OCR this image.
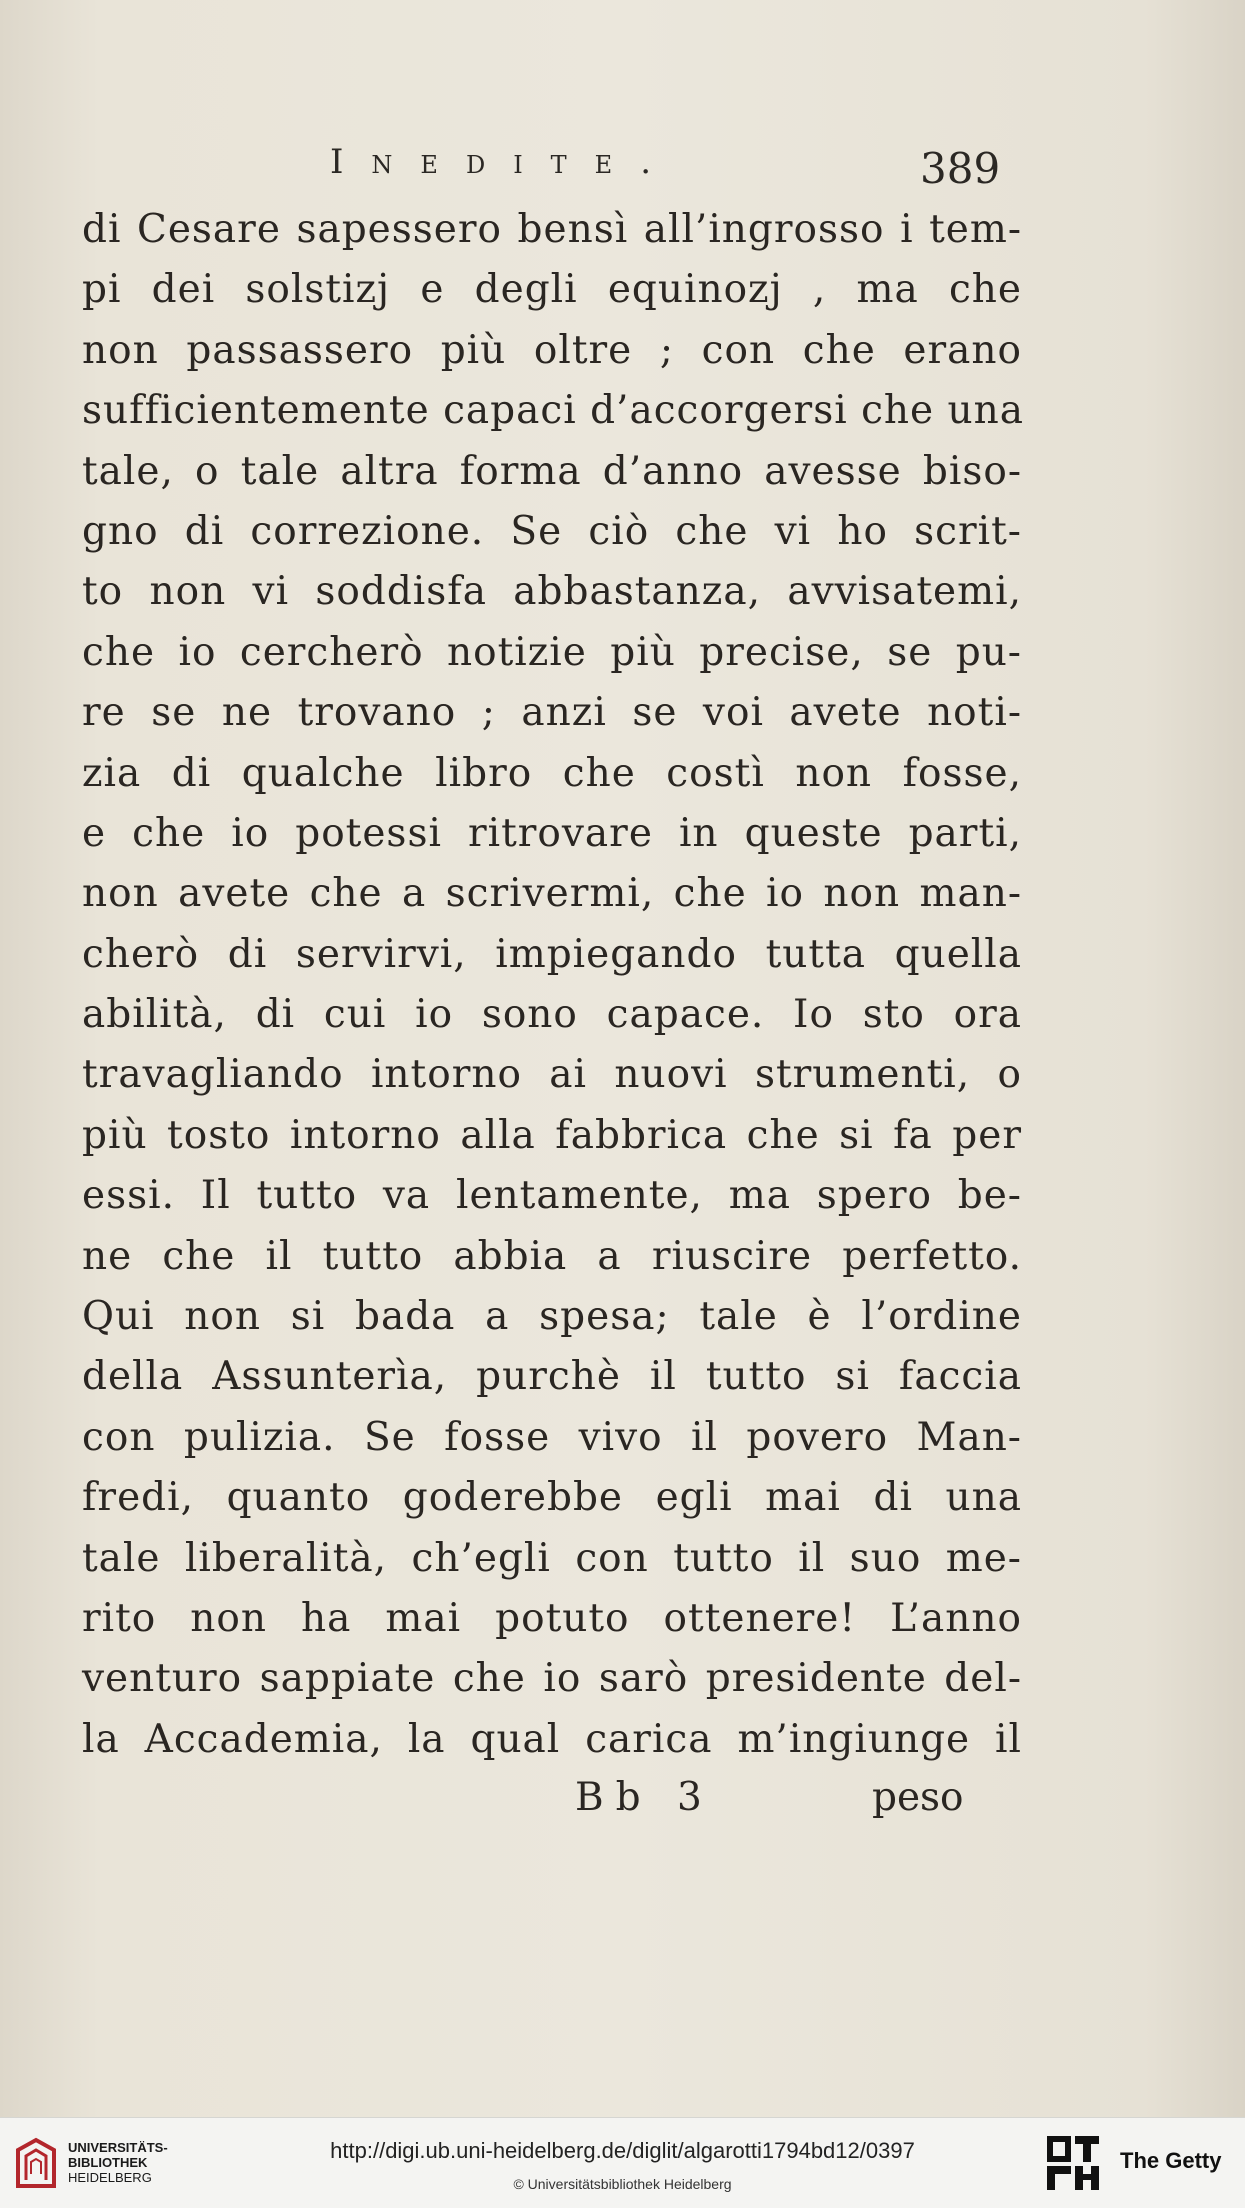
Inedite.	389
di Cesare sapessero bensì all’ingrosso i tem-
pi dei solstizj e degli equinozj , ma che
non passassero più oltre ; con che erano
sufficientemente capaci d’accorgersi che una
tale, o tale altra forma d’anno avesse biso-
gno di correzione. Se ciò che vi ho scrit-
to non vi soddisfa abbastanza, avvisatemi,
che io cercherò notizie più precise, se pu-
re se ne trovano ; anzi se voi avete noti-
zia di qualche libro che costì non fosse,
e che io potessi ritrovare in queste parti,
non avete che a scrivermi, che io non man-
cherò di servirvi, impiegando tutta quella
abilità, di cui io sono capace. Io sto ora
travagliando intorno ai nuovi strumenti, o
più tosto intorno alla fabbrica che si fa per
essi. Il tutto va lentamente, ma spero be-
ne che il tutto abbia a riuscire perfetto.
Qui non si bada a spesa; tale è l’ordine
della Assunterìa, purchè il tutto si faccia
con pulizia. Se fosse vivo il povero Man-
fredi, quanto goderebbe egli mai di una
tale liberalità, ch’egli con tutto il suo me-
rito non ha mai potuto ottenere! L’anno
venturo sappiate che io sarò presidente del-
la Accademia, la qual carica m’ingiunge il
Bb 3	peso
UNIVERSITÄTS-
BIBLIOTHEK
HEIDELBERG
http://digi.ub.uni-heidelberg.de/diglit/algarotti1794bd12/0397
© Universitätsbibliothek Heidelberg
The Getty
